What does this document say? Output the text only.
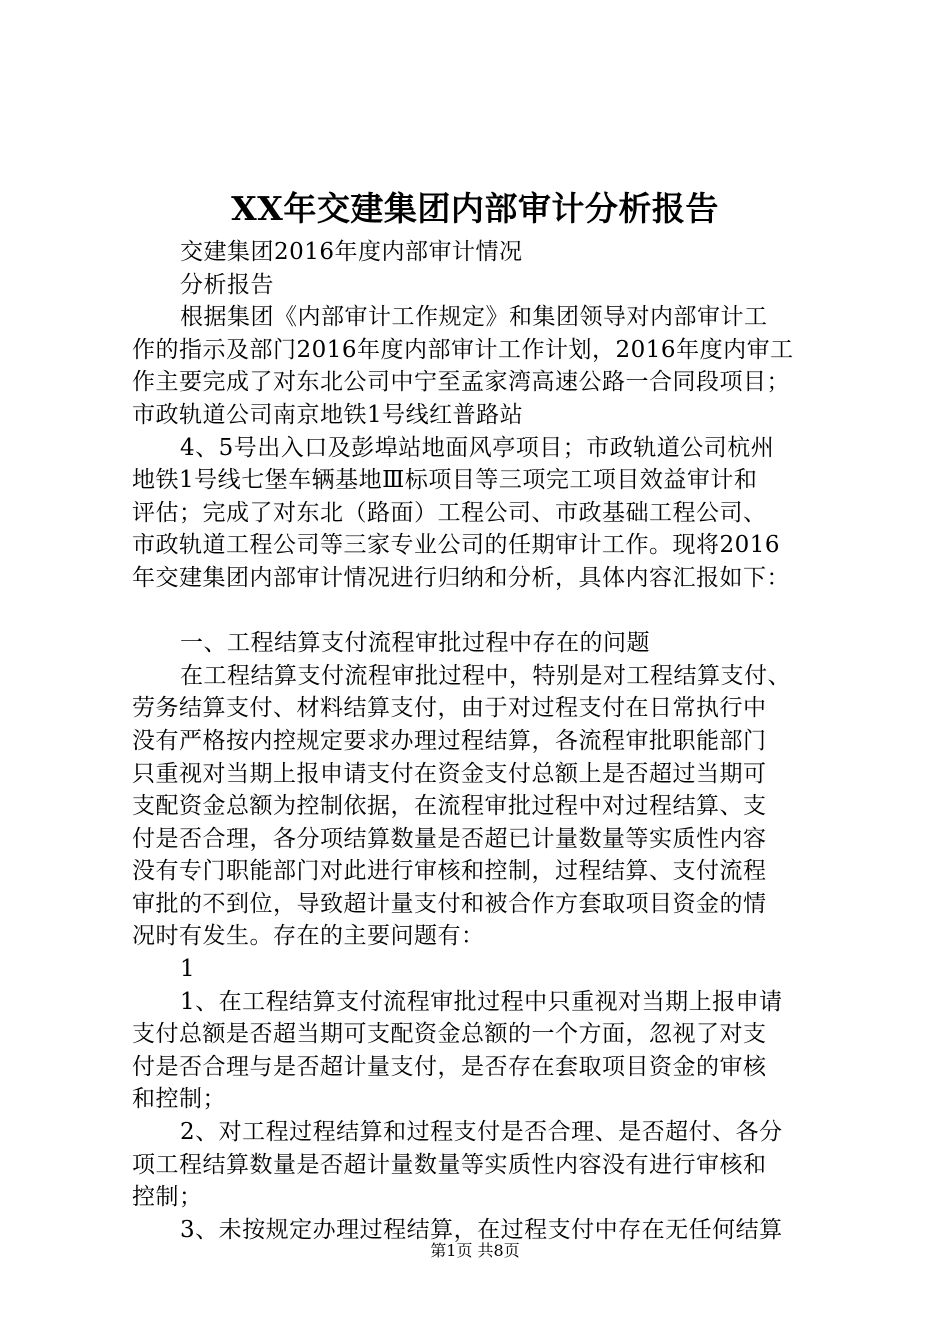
XX年交建集团内部审计分析报告
交建集团2016年度内部审计情况
分析报告
根据集团《内部审计工作规定》和集团领导对内部审计工
作的指示及部门2016年度内部审计工作计划，2016年度内审工
作主要完成了对东北公司中宁至孟家湾高速公路一合同段项目；
市政轨道公司南京地铁1号线红普路站
4、5号出入口及彭埠站地面风亭项目；市政轨道公司杭州
地铁1号线七堡车辆基地Ⅲ标项目等三项完工项目效益审计和
评估；完成了对东北（路面）工程公司、市政基础工程公司、
市政轨道工程公司等三家专业公司的任期审计工作。现将2016
年交建集团内部审计情况进行归纳和分析，具体内容汇报如下：
一、工程结算支付流程审批过程中存在的问题
在工程结算支付流程审批过程中，特别是对工程结算支付、
劳务结算支付、材料结算支付，由于对过程支付在日常执行中
没有严格按内控规定要求办理过程结算，各流程审批职能部门
只重视对当期上报申请支付在资金支付总额上是否超过当期可
支配资金总额为控制依据，在流程审批过程中对过程结算、支
付是否合理，各分项结算数量是否超已计量数量等实质性内容
没有专门职能部门对此进行审核和控制，过程结算、支付流程
审批的不到位，导致超计量支付和被合作方套取项目资金的情
况时有发生。存在的主要问题有：
1
1、在工程结算支付流程审批过程中只重视对当期上报申请
支付总额是否超当期可支配资金总额的一个方面，忽视了对支
付是否合理与是否超计量支付，是否存在套取项目资金的审核
和控制；
2、对工程过程结算和过程支付是否合理、是否超付、各分
项工程结算数量是否超计量数量等实质性内容没有进行审核和
控制；
3、未按规定办理过程结算，在过程支付中存在无任何结算
第1页 共8页
